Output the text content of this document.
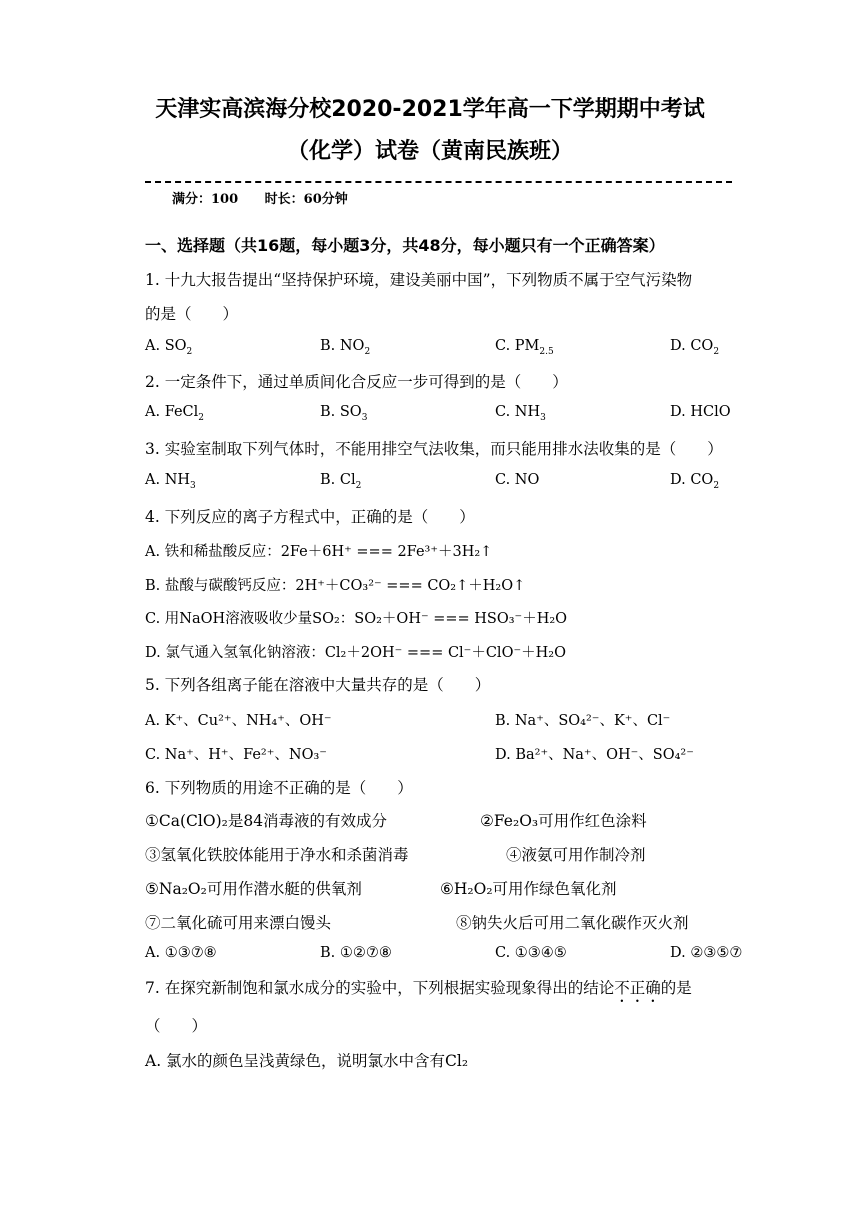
天津实高滨海分校2020-2021学年高一下学期期中考试
（化学）试卷（黄南民族班）
满分：100 时长：60分钟
一、选择题（共16题，每小题3分，共48分，每小题只有一个正确答案）
1. 十九大报告提出“坚持保护环境，建设美丽中国”，下列物质不属于空气污染物
的是（　　）
A. $SO_2$	B. $NO_2$	C. $PM_{2.5}$	D. $CO_2$
2. 一定条件下，通过单质间化合反应一步可得到的是（　　）
A. FeCl$_2$	B. $SO_3$	C. $NH_3$	D. HClO
3. 实验室制取下列气体时，不能用排空气法收集，而只能用排水法收集的是（　　）
A. $NH_3$	B. $Cl_2$	C. NO	D. $CO_2$
4. 下列反应的离子方程式中，正确的是（　　）
A. 铁和稀盐酸反应：2Fe＋6H⁺ === 2Fe³⁺＋3H₂↑
B. 盐酸与碳酸钙反应：2H⁺＋CO₃²⁻ === CO₂↑＋H₂O↑
C. 用NaOH溶液吸收少量SO₂：SO₂＋OH⁻ === HSO₃⁻＋H₂O
D. 氯气通入氢氧化钠溶液：Cl₂＋2OH⁻ === Cl⁻＋ClO⁻＋H₂O
5. 下列各组离子能在溶液中大量共存的是（　　）
A. K⁺、Cu²⁺、NH₄⁺、OH⁻	B. Na⁺、SO₄²⁻、K⁺、Cl⁻
C. Na⁺、H⁺、Fe²⁺、NO₃⁻	D. Ba²⁺、Na⁺、OH⁻、SO₄²⁻
6. 下列物质的用途不正确的是（　　）
①Ca(ClO)₂是84消毒液的有效成分	②Fe₂O₃可用作红色涂料
③氢氧化铁胶体能用于净水和杀菌消毒	④液氨可用作制冷剂
⑤Na₂O₂可用作潜水艇的供氧剂	⑥H₂O₂可用作绿色氧化剂
⑦二氧化硫可用来漂白馒头	⑧钠失火后可用二氧化碳作灭火剂
A. ①③⑦⑧	B. ①②⑦⑧	C. ①③④⑤	D. ②③⑤⑦
7. 在探究新制饱和氯水成分的实验中，下列根据实验现象得出的结论不正确的是
（　　）
A. 氯水的颜色呈浅黄绿色，说明氯水中含有Cl₂
